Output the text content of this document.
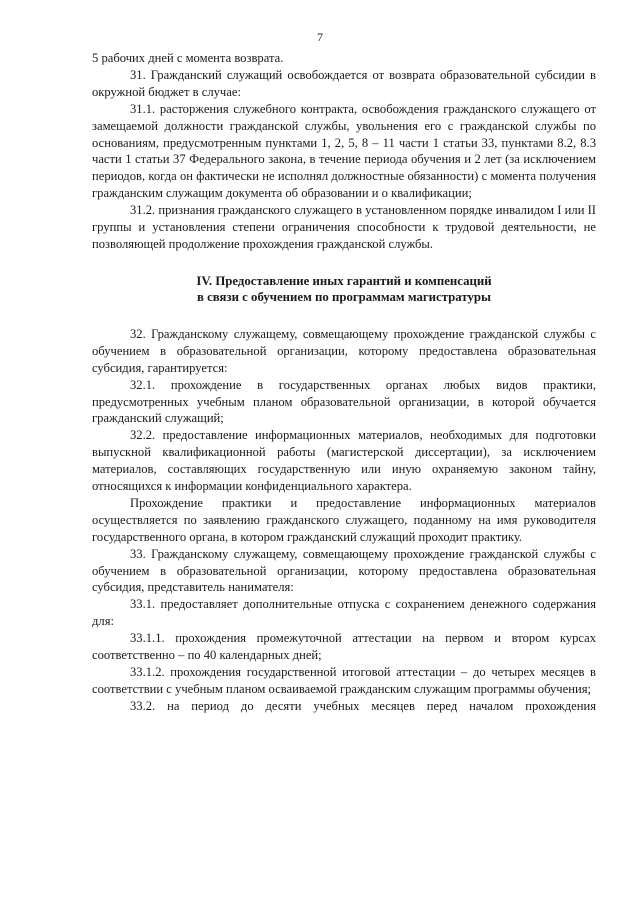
7

5 рабочих дней с момента возврата.

31. Гражданский служащий освобождается от возврата образовательной субсидии в окружной бюджет в случае:

31.1. расторжения служебного контракта, освобождения гражданского служащего от замещаемой должности гражданской службы, увольнения его с гражданской службы по основаниям, предусмотренным пунктами 1, 2, 5, 8 – 11 части 1 статьи 33, пунктами 8.2, 8.3 части 1 статьи 37 Федерального закона, в течение периода обучения и 2 лет (за исключением периодов, когда он фактически не исполнял должностные обязанности) с момента получения гражданским служащим документа об образовании и о квалификации;

31.2. признания гражданского служащего в установленном порядке инвалидом I или II группы и установления степени ограничения способности к трудовой деятельности, не позволяющей продолжение прохождения гражданской службы.

IV. Предоставление иных гарантий и компенсаций
в связи с обучением по программам магистратуры

32. Гражданскому служащему, совмещающему прохождение гражданской службы с обучением в образовательной организации, которому предоставлена образовательная субсидия, гарантируется:

32.1. прохождение в государственных органах любых видов практики, предусмотренных учебным планом образовательной организации, в которой обучается гражданский служащий;

32.2. предоставление информационных материалов, необходимых для подготовки выпускной квалификационной работы (магистерской диссертации), за исключением материалов, составляющих государственную или иную охраняемую законом тайну, относящихся к информации конфиденциального характера.

Прохождение практики и предоставление информационных материалов осуществляется по заявлению гражданского служащего, поданному на имя руководителя государственного органа, в котором гражданский служащий проходит практику.

33. Гражданскому служащему, совмещающему прохождение гражданской службы с обучением в образовательной организации, которому предоставлена образовательная субсидия, представитель нанимателя:

33.1. предоставляет дополнительные отпуска с сохранением денежного содержания для:

33.1.1. прохождения промежуточной аттестации на первом и втором курсах соответственно – по 40 календарных дней;

33.1.2. прохождения государственной итоговой аттестации – до четырех месяцев в соответствии с учебным планом осваиваемой гражданским служащим программы обучения;

33.2. на период до десяти учебных месяцев перед началом прохождения
